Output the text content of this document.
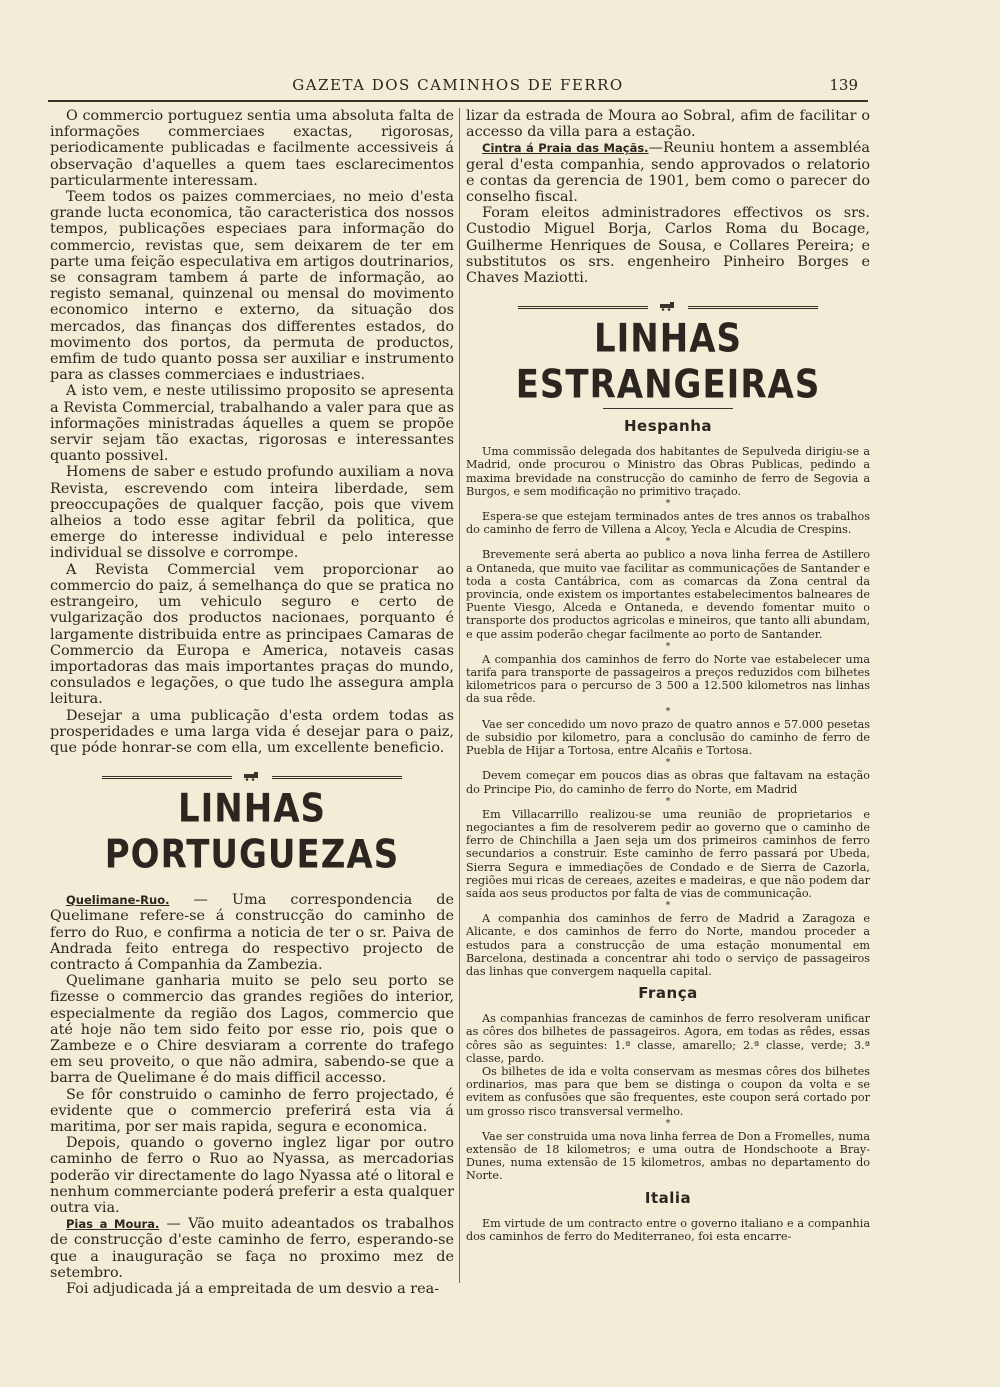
GAZETA DOS CAMINHOS DE FERRO	139

O commercio portuguez sentia uma absoluta falta de informações commerciaes exactas, rigorosas, periodicamente publicadas e facilmente accessiveis á observação d'aquelles a quem taes esclarecimentos particularmente interessam.

Teem todos os paizes commerciaes, no meio d'esta grande lucta economica, tão caracteristica dos nossos tempos, publicações especiaes para informação do commercio, revistas que, sem deixarem de ter em parte uma feição especulativa em artigos doutrinarios, se consagram tambem á parte de informação, ao registo semanal, quinzenal ou mensal do movimento economico interno e externo, da situação dos mercados, das finanças dos differentes estados, do movimento dos portos, da permuta de productos, emfim de tudo quanto possa ser auxiliar e instrumento para as classes commerciaes e industriaes.

A isto vem, e neste utilissimo proposito se apresenta a Revista Commercial, trabalhando a valer para que as informações ministradas áquelles a quem se propõe servir sejam tão exactas, rigorosas e interessantes quanto possivel.

Homens de saber e estudo profundo auxiliam a nova Revista, escrevendo com inteira liberdade, sem preoccupações de qualquer facção, pois que vivem alheios a todo esse agitar febril da politica, que emerge do interesse individual e pelo interesse individual se dissolve e corrompe.

A Revista Commercial vem proporcionar ao commercio do paiz, á semelhança do que se pratica no estrangeiro, um vehiculo seguro e certo de vulgarização dos productos nacionaes, porquanto é largamente distribuida entre as principaes Camaras de Commercio da Europa e America, notaveis casas importadoras das mais importantes praças do mundo, consulados e legações, o que tudo lhe assegura ampla leitura.

Desejar a uma publicação d'esta ordem todas as prosperidades e uma larga vida é desejar para o paiz, que póde honrar-se com ella, um excellente beneficio.

LINHAS PORTUGUEZAS

Quelimane-Ruo. — Uma correspondencia de Quelimane refere-se á construcção do caminho de ferro do Ruo, e confirma a noticia de ter o sr. Paiva de Andrada feito entrega do respectivo projecto de contracto á Companhia da Zambezia.

Quelimane ganharia muito se pelo seu porto se fizesse o commercio das grandes regiões do interior, especialmente da região dos Lagos, commercio que até hoje não tem sido feito por esse rio, pois que o Zambeze e o Chire desviaram a corrente do trafego em seu proveito, o que não admira, sabendo-se que a barra de Quelimane é do mais difficil accesso.

Se fôr construido o caminho de ferro projectado, é evidente que o commercio preferirá esta via á maritima, por ser mais rapida, segura e economica.

Depois, quando o governo inglez ligar por outro caminho de ferro o Ruo ao Nyassa, as mercadorias poderão vir directamente do lago Nyassa até o litoral e nenhum commerciante poderá preferir a esta qualquer outra via.

Pias a Moura. — Vão muito adeantados os trabalhos de construcção d'este caminho de ferro, esperando-se que a inauguração se faça no proximo mez de setembro.

Foi adjudicada já a empreitada de um desvio a rea-

lizar da estrada de Moura ao Sobral, afim de facilitar o accesso da villa para a estação.

Cintra á Praia das Maçãs.—Reuniu hontem a assembléa geral d'esta companhia, sendo approvados o relatorio e contas da gerencia de 1901, bem como o parecer do conselho fiscal.

Foram eleitos administradores effectivos os srs. Custodio Miguel Borja, Carlos Roma du Bocage, Guilherme Henriques de Sousa, e Collares Pereira; e substitutos os srs. engenheiro Pinheiro Borges e Chaves Maziotti.

LINHAS ESTRANGEIRAS
Hespanha

Uma commissão delegada dos habitantes de Sepulveda dirigiu-se a Madrid, onde procurou o Ministro das Obras Publicas, pedindo a maxima brevidade na construcção do caminho de ferro de Segovia a Burgos, e sem modificação no primitivo traçado.

*

Espera-se que estejam terminados antes de tres annos os trabalhos do caminho de ferro de Villena a Alcoy, Yecla e Alcudia de Crespins.

*

Brevemente será aberta ao publico a nova linha ferrea de Astillero a Ontaneda, que muito vae facilitar as communicações de Santander e toda a costa Cantábrica, com as comarcas da Zona central da provincia, onde existem os importantes estabelecimentos balneares de Puente Viesgo, Alceda e Ontaneda, e devendo fomentar muito o transporte dos productos agricolas e mineiros, que tanto alli abundam, e que assim poderão chegar facilmente ao porto de Santander.

*

A companhia dos caminhos de ferro do Norte vae estabelecer uma tarifa para transporte de passageiros a preços reduzidos com bilhetes kilometricos para o percurso de 3 500 a 12.500 kilometros nas linhas da sua rêde.

*

Vae ser concedido um novo prazo de quatro annos e 57.000 pesetas de subsidio por kilometro, para a conclusão do caminho de ferro de Puebla de Hijar a Tortosa, entre Alcañis e Tortosa.

*

Devem começar em poucos dias as obras que faltavam na estação do Principe Pio, do caminho de ferro do Norte, em Madrid

*

Em Villacarrillo realizou-se uma reunião de proprietarios e negociantes a fim de resolverem pedir ao governo que o caminho de ferro de Chinchilla a Jaen seja um dos primeiros caminhos de ferro secundarios a construir. Este caminho de ferro passará por Ubeda, Sierra Segura e immediações de Condado e de Sierra de Cazorla, regiões mui ricas de cereaes, azeites e madeiras, e que não podem dar saída aos seus productos por falta de vias de communicação.

*

A companhia dos caminhos de ferro de Madrid a Zaragoza e Alicante, e dos caminhos de ferro do Norte, mandou proceder a estudos para a construcção de uma estação monumental em Barcelona, destinada a concentrar ahi todo o serviço de passageiros das linhas que convergem naquella capital.

França

As companhias francezas de caminhos de ferro resolveram unificar as côres dos bilhetes de passageiros. Agora, em todas as rêdes, essas côres são as seguintes: 1.ª classe, amarello; 2.ª classe, verde; 3.ª classe, pardo.

Os bilhetes de ida e volta conservam as mesmas côres dos bilhetes ordinarios, mas para que bem se distinga o coupon da volta e se evitem as confusões que são frequentes, este coupon será cortado por um grosso risco transversal vermelho.

*

Vae ser construida uma nova linha ferrea de Don a Fromelles, numa extensão de 18 kilometros; e uma outra de Hondschoote a Bray-Dunes, numa extensão de 15 kilometros, ambas no departamento do Norte.

Italia

Em virtude de um contracto entre o governo italiano e a companhia dos caminhos de ferro do Mediterraneo, foi esta encarre-
